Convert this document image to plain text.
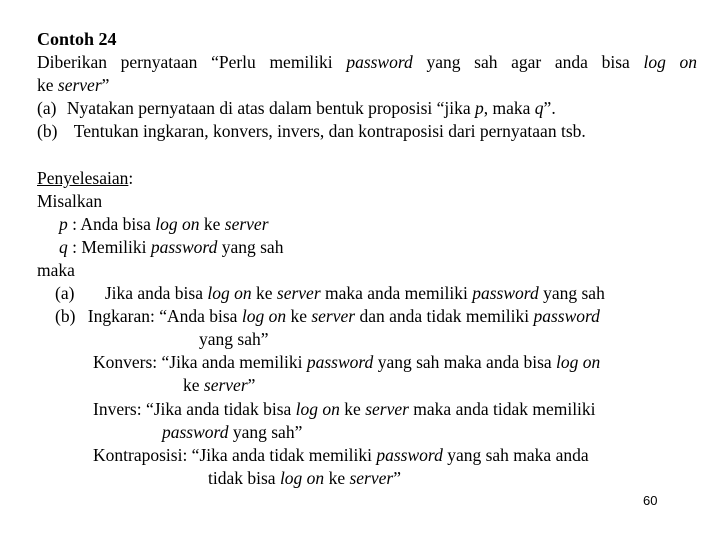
Contoh 24
Diberikan pernyataan “Perlu memiliki password yang sah agar anda bisa log on
ke server”
(a) Nyatakan pernyataan di atas dalam bentuk proposisi “jika p, maka q”.
(b) Tentukan ingkaran, konvers, invers, dan kontraposisi dari pernyataan tsb.
Penyelesaian:
Misalkan
p : Anda bisa log on ke server
q : Memiliki password yang sah
maka
(a) Jika anda bisa log on ke server maka anda memiliki password yang sah
(b) Ingkaran: “Anda bisa log on ke server dan anda tidak memiliki password
yang sah”
Konvers: “Jika anda memiliki password yang sah maka anda bisa log on
ke server”
Invers: “Jika anda tidak bisa log on ke server maka anda tidak memiliki
password yang sah”
Kontraposisi: “Jika anda tidak memiliki password yang sah maka anda
tidak bisa log on ke server”
60
